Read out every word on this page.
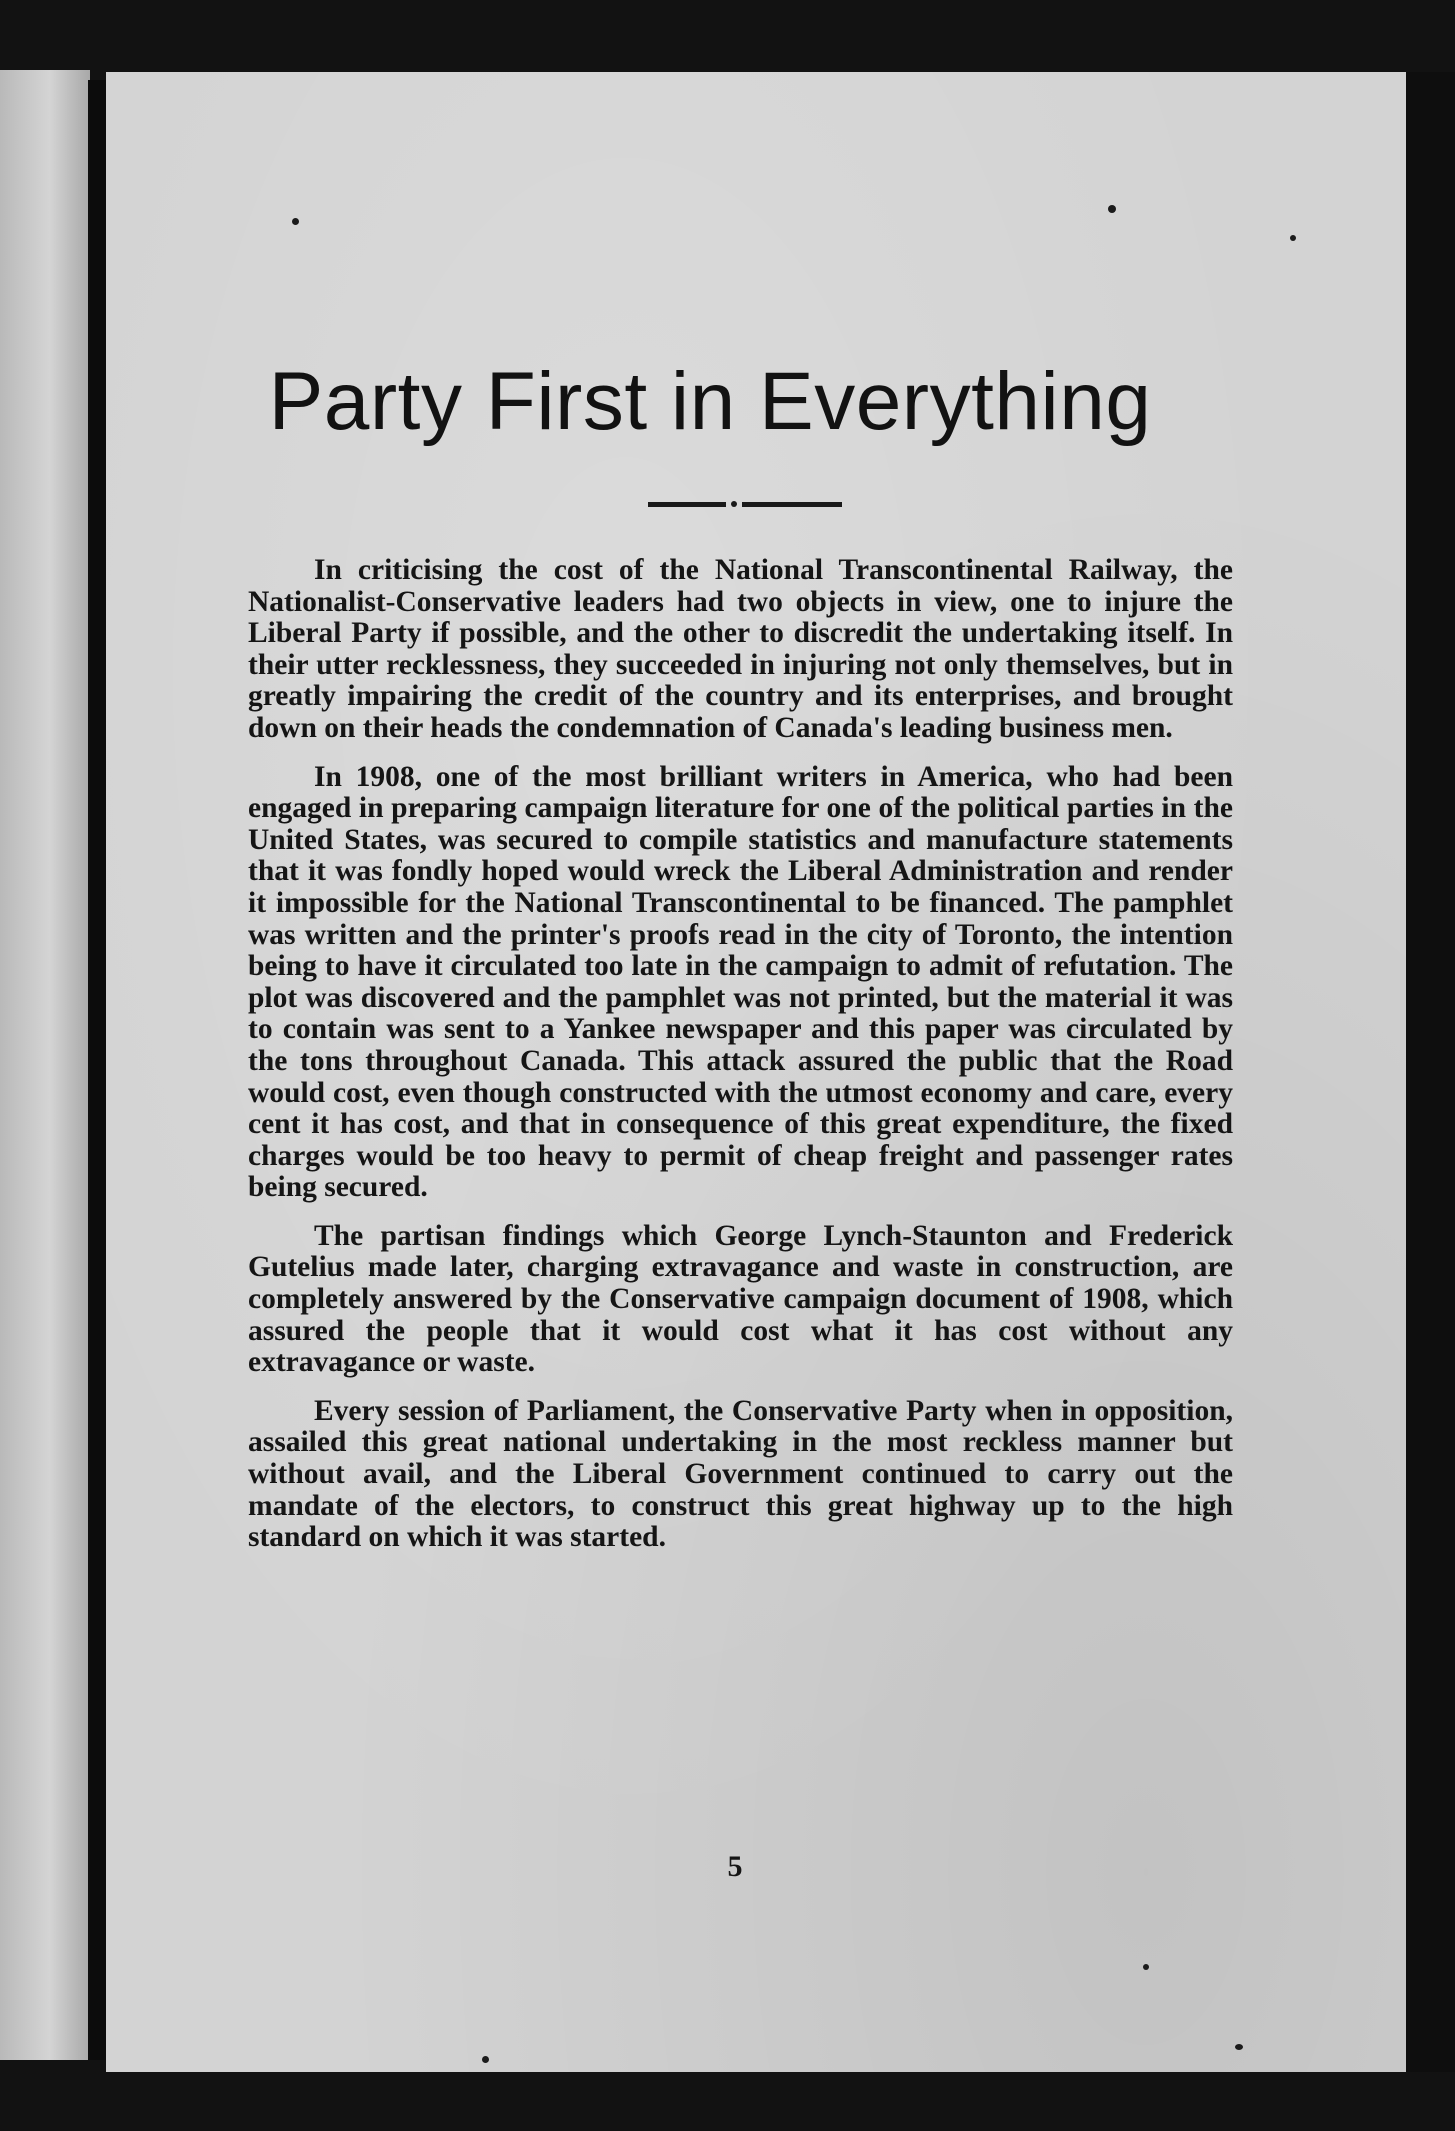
Party First in Everything

In criticising the cost of the National Transcontinental Railway, the Nationalist-Conservative leaders had two objects in view, one to injure the Liberal Party if possible, and the other to discredit the undertaking itself. In their utter recklessness, they succeeded in injuring not only themselves, but in greatly impairing the credit of the country and its enterprises, and brought down on their heads the condemnation of Canada's leading business men.

In 1908, one of the most brilliant writers in America, who had been engaged in preparing campaign literature for one of the political parties in the United States, was secured to compile statistics and manufacture statements that it was fondly hoped would wreck the Liberal Administration and render it impossible for the National Transcontinental to be financed. The pamphlet was written and the printer's proofs read in the city of Toronto, the intention being to have it circulated too late in the campaign to admit of refutation. The plot was discovered and the pamphlet was not printed, but the material it was to contain was sent to a Yankee newspaper and this paper was circulated by the tons throughout Canada. This attack assured the public that the Road would cost, even though constructed with the utmost economy and care, every cent it has cost, and that in consequence of this great expenditure, the fixed charges would be too heavy to permit of cheap freight and passenger rates being secured.

The partisan findings which George Lynch-Staunton and Frederick Gutelius made later, charging extravagance and waste in construction, are completely answered by the Conservative campaign document of 1908, which assured the people that it would cost what it has cost without any extravagance or waste.

Every session of Parliament, the Conservative Party when in opposition, assailed this great national undertaking in the most reckless manner but without avail, and the Liberal Government continued to carry out the mandate of the electors, to construct this great highway up to the high standard on which it was started.

5
